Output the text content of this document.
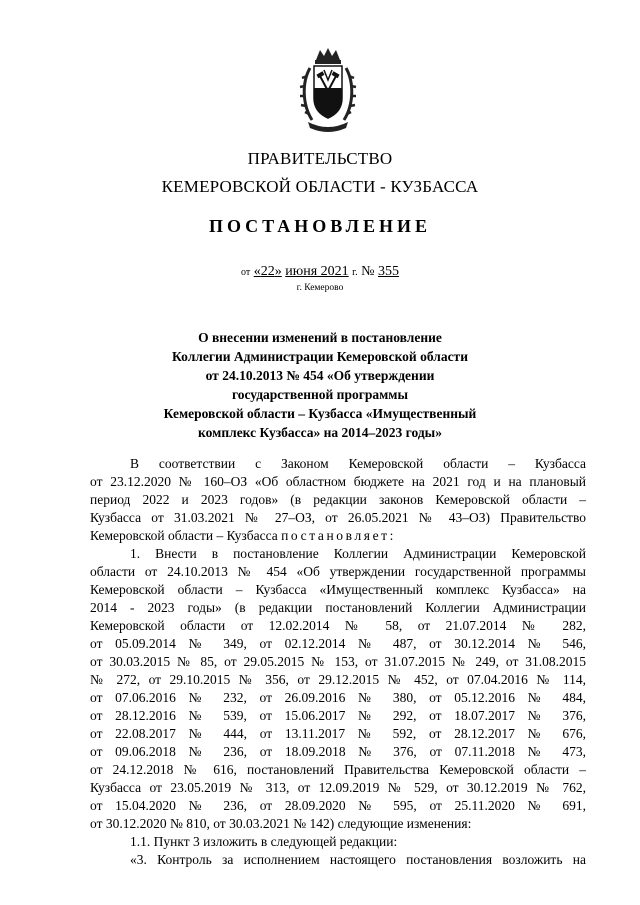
ПРАВИТЕЛЬСТВО
КЕМЕРОВСКОЙ ОБЛАСТИ - КУЗБАССА
ПОСТАНОВЛЕНИЕ
от «22» июня 2021 г. № 355
г. Кемерово
О внесении изменений в постановление
Коллегии Администрации Кемеровской области
от 24.10.2013 № 454 «Об утверждении
государственной программы
Кемеровской области – Кузбасса «Имущественный
комплекс Кузбасса» на 2014–2023 годы»
В соответствии с Законом Кемеровской области – Кузбасса
от 23.12.2020 № 160–ОЗ «Об областном бюджете на 2021 год и на плановый
период 2022 и 2023 годов» (в редакции законов Кемеровской области –
Кузбасса от 31.03.2021 № 27–ОЗ, от 26.05.2021 № 43–ОЗ) Правительство
Кемеровской области – Кузбасса постановляет:
1. Внести в постановление Коллегии Администрации Кемеровской
области от 24.10.2013 № 454 «Об утверждении государственной программы
Кемеровской области – Кузбасса «Имущественный комплекс Кузбасса» на
2014 - 2023 годы» (в редакции постановлений Коллегии Администрации
Кемеровской области от 12.02.2014 № 58, от 21.07.2014 № 282,
от 05.09.2014 № 349, от 02.12.2014 № 487, от 30.12.2014 № 546,
от 30.03.2015 № 85, от 29.05.2015 № 153, от 31.07.2015 № 249, от 31.08.2015
№ 272, от 29.10.2015 № 356, от 29.12.2015 № 452, от 07.04.2016 № 114,
от 07.06.2016 № 232, от 26.09.2016 № 380, от 05.12.2016 № 484,
от 28.12.2016 № 539, от 15.06.2017 № 292, от 18.07.2017 № 376,
от 22.08.2017 № 444, от 13.11.2017 № 592, от 28.12.2017 № 676,
от 09.06.2018 № 236, от 18.09.2018 № 376, от 07.11.2018 № 473,
от 24.12.2018 № 616, постановлений Правительства Кемеровской области –
Кузбасса от 23.05.2019 № 313, от 12.09.2019 № 529, от 30.12.2019 № 762,
от 15.04.2020 № 236, от 28.09.2020 № 595, от 25.11.2020 № 691,
от 30.12.2020 № 810, от 30.03.2021 № 142) следующие изменения:
1.1. Пункт 3 изложить в следующей редакции:
«3. Контроль за исполнением настоящего постановления возложить на
